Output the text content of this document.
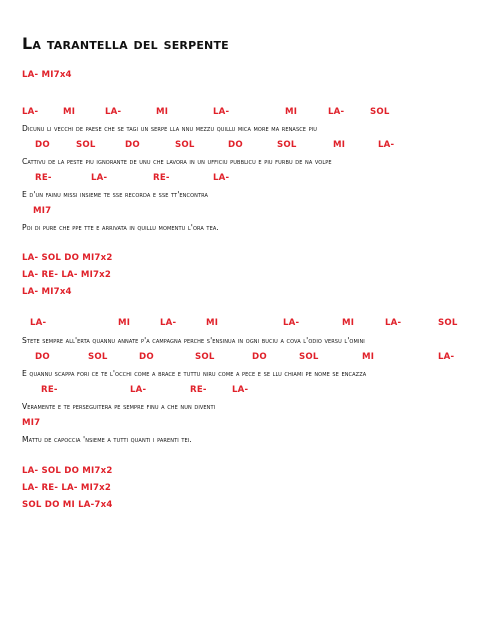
La tarantella del serpente
LA- MI7x4
LA-	MI	LA-	MI	LA-	MI	LA-	SOL
Dicunu li vecchi de paese che se tagi un serpe lla nnu mezzu quillu mica more ma renasce piu
DO	SOL	DO	SOL	DO	SOL	MI	LA-
Cattivu de la peste piu ignorante de unu che lavora in un ufficiu pubblicu e piu furbu de na volpe
RE-	LA-	RE-	LA-
E d'un fainu missi insieme te sse recorda e sse tt'encontra
MI7
Poi di pure che ppe tte e arrivata in quillu momentu l'ora tea.
LA- SOL DO MI7x2
LA- RE- LA- MI7x2
LA- MI7x4
LA-	MI	LA-	MI	LA-	MI	LA-	SOL
Stete sempre all'erta quannu annate p'a campagna perche s'ensinua in ogni buciu a cova l'odio versu l'omini
DO	SOL	DO	SOL	DO	SOL	MI	LA-
E quannu scappa fori ce te l'occhi come a brace e tuttu niru come a pece e se llu chiami pe nome se encazza
RE-	LA-	RE-	LA-
Veramente e te perseguitera pe sempre finu a che nun diventi
MI7
Mattu de capoccia 'nsieme a tutti quanti i parenti tei.
LA- SOL DO MI7x2
LA- RE- LA- MI7x2
SOL DO MI LA-7x4
